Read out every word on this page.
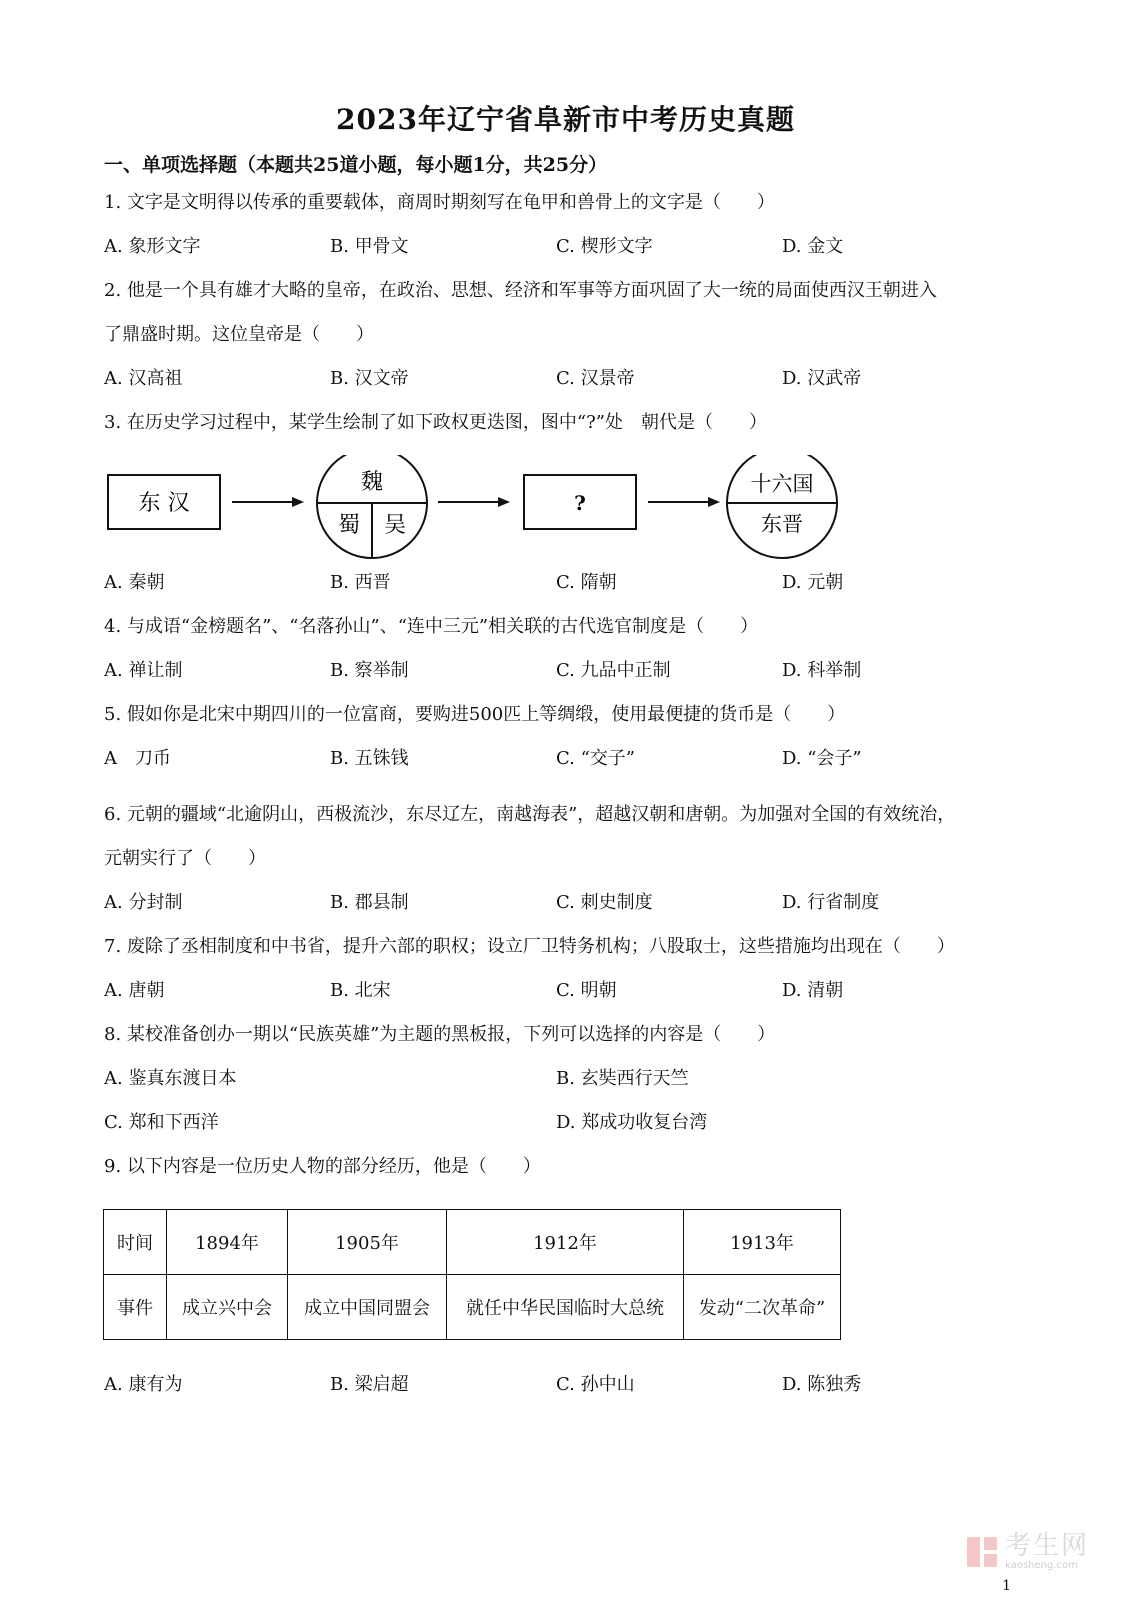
2023年辽宁省阜新市中考历史真题
一、单项选择题（本题共25道小题，每小题1分，共25分）
1. 文字是文明得以传承的重要载体，商周时期刻写在龟甲和兽骨上的文字是（　　）
A. 象形文字	B. 甲骨文	C. 楔形文字	D. 金文
2. 他是一个具有雄才大略的皇帝，在政治、思想、经济和军事等方面巩固了大一统的局面使西汉王朝进入
了鼎盛时期。这位皇帝是（　　）
A. 汉高祖	B. 汉文帝	C. 汉景帝	D. 汉武帝
3. 在历史学习过程中，某学生绘制了如下政权更迭图，图中“?”处　朝代是（　　）
东 汉
魏
蜀 吴
?
十六国
东晋
A. 秦朝	B. 西晋	C. 隋朝	D. 元朝
4. 与成语“金榜题名”、“名落孙山”、“连中三元”相关联的古代选官制度是（　　）
A. 禅让制	B. 察举制	C. 九品中正制	D. 科举制
5. 假如你是北宋中期四川的一位富商，要购进500匹上等绸缎，使用最便捷的货币是（　　）
A　刀币	B. 五铢钱	C. “交子”	D. “会子”
6. 元朝的疆域“北逾阴山，西极流沙，东尽辽左，南越海表”，超越汉朝和唐朝。为加强对全国的有效统治，
元朝实行了（　　）
A. 分封制	B. 郡县制	C. 刺史制度	D. 行省制度
7. 废除了丞相制度和中书省，提升六部的职权；设立厂卫特务机构；八股取士，这些措施均出现在（　　）
A. 唐朝	B. 北宋	C. 明朝	D. 清朝
8. 某校准备创办一期以“民族英雄”为主题的黑板报，下列可以选择的内容是（　　）
A. 鉴真东渡日本	B. 玄奘西行天竺
C. 郑和下西洋	D. 郑成功收复台湾
9. 以下内容是一位历史人物的部分经历，他是（　　）
时间	1894年	1905年	1912年	1913年
事件	成立兴中会	成立中国同盟会	就任中华民国临时大总统	发动“二次革命”
A. 康有为	B. 梁启超	C. 孙中山	D. 陈独秀
考生网
kaosheng.com
1
